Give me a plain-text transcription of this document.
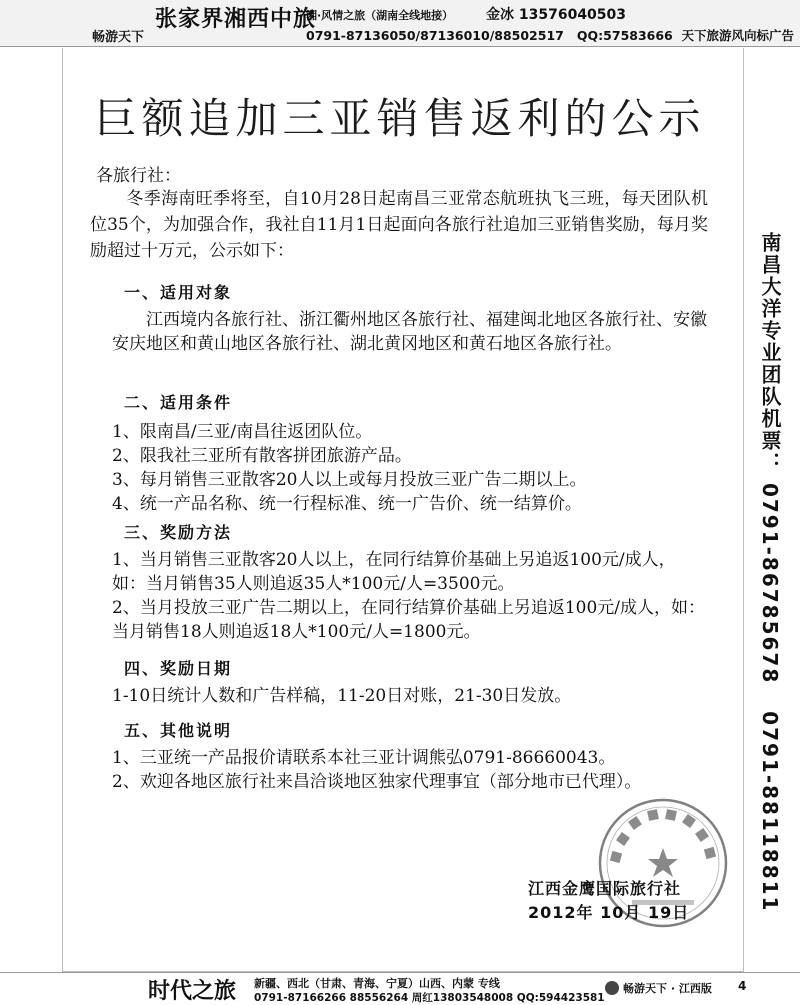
张家界湘西中旅
湘·风情之旅（湖南全线地接） 金冰 13576040503
畅游天下	0791-87136050/87136010/88502517 QQ:57583666 天下旅游风向标广告
巨额追加三亚销售返利的公示
各旅行社：
冬季海南旺季将至，自10月28日起南昌三亚常态航班执飞三班，每天团队机位35个，为加强合作，我社自11月1日起面向各旅行社追加三亚销售奖励，每月奖励超过十万元，公示如下：
一、适用对象
江西境内各旅行社、浙江衢州地区各旅行社、福建闽北地区各旅行社、安徽安庆地区和黄山地区各旅行社、湖北黄冈地区和黄石地区各旅行社。
二、适用条件
1、限南昌/三亚/南昌往返团队位。
2、限我社三亚所有散客拼团旅游产品。
3、每月销售三亚散客20人以上或每月投放三亚广告二期以上。
4、统一产品名称、统一行程标准、统一广告价、统一结算价。
三、奖励方法
1、当月销售三亚散客20人以上，在同行结算价基础上另追返100元/成人，如：当月销售35人则追返35人*100元/人=3500元。
2、当月投放三亚广告二期以上，在同行结算价基础上另追返100元/成人，如：当月销售18人则追返18人*100元/人=1800元。
四、奖励日期
1-10日统计人数和广告样稿，11-20日对账，21-30日发放。
五、其他说明
1、三亚统一产品报价请联系本社三亚计调熊弘0791-86660043。
2、欢迎各地区旅行社来昌洽谈地区独家代理事宜（部分地市已代理）。
南昌大洋专业团队机票： 0791-86785678   0791-88118811
江西金鹰国际旅行社
2012年 10月 19日
时代之旅 新疆、西北（甘肃、青海、宁夏）山西、内蒙 专线
0791-87166266 88556264 周红13803548008 QQ:594423581
畅游天下 · 江西版 4
